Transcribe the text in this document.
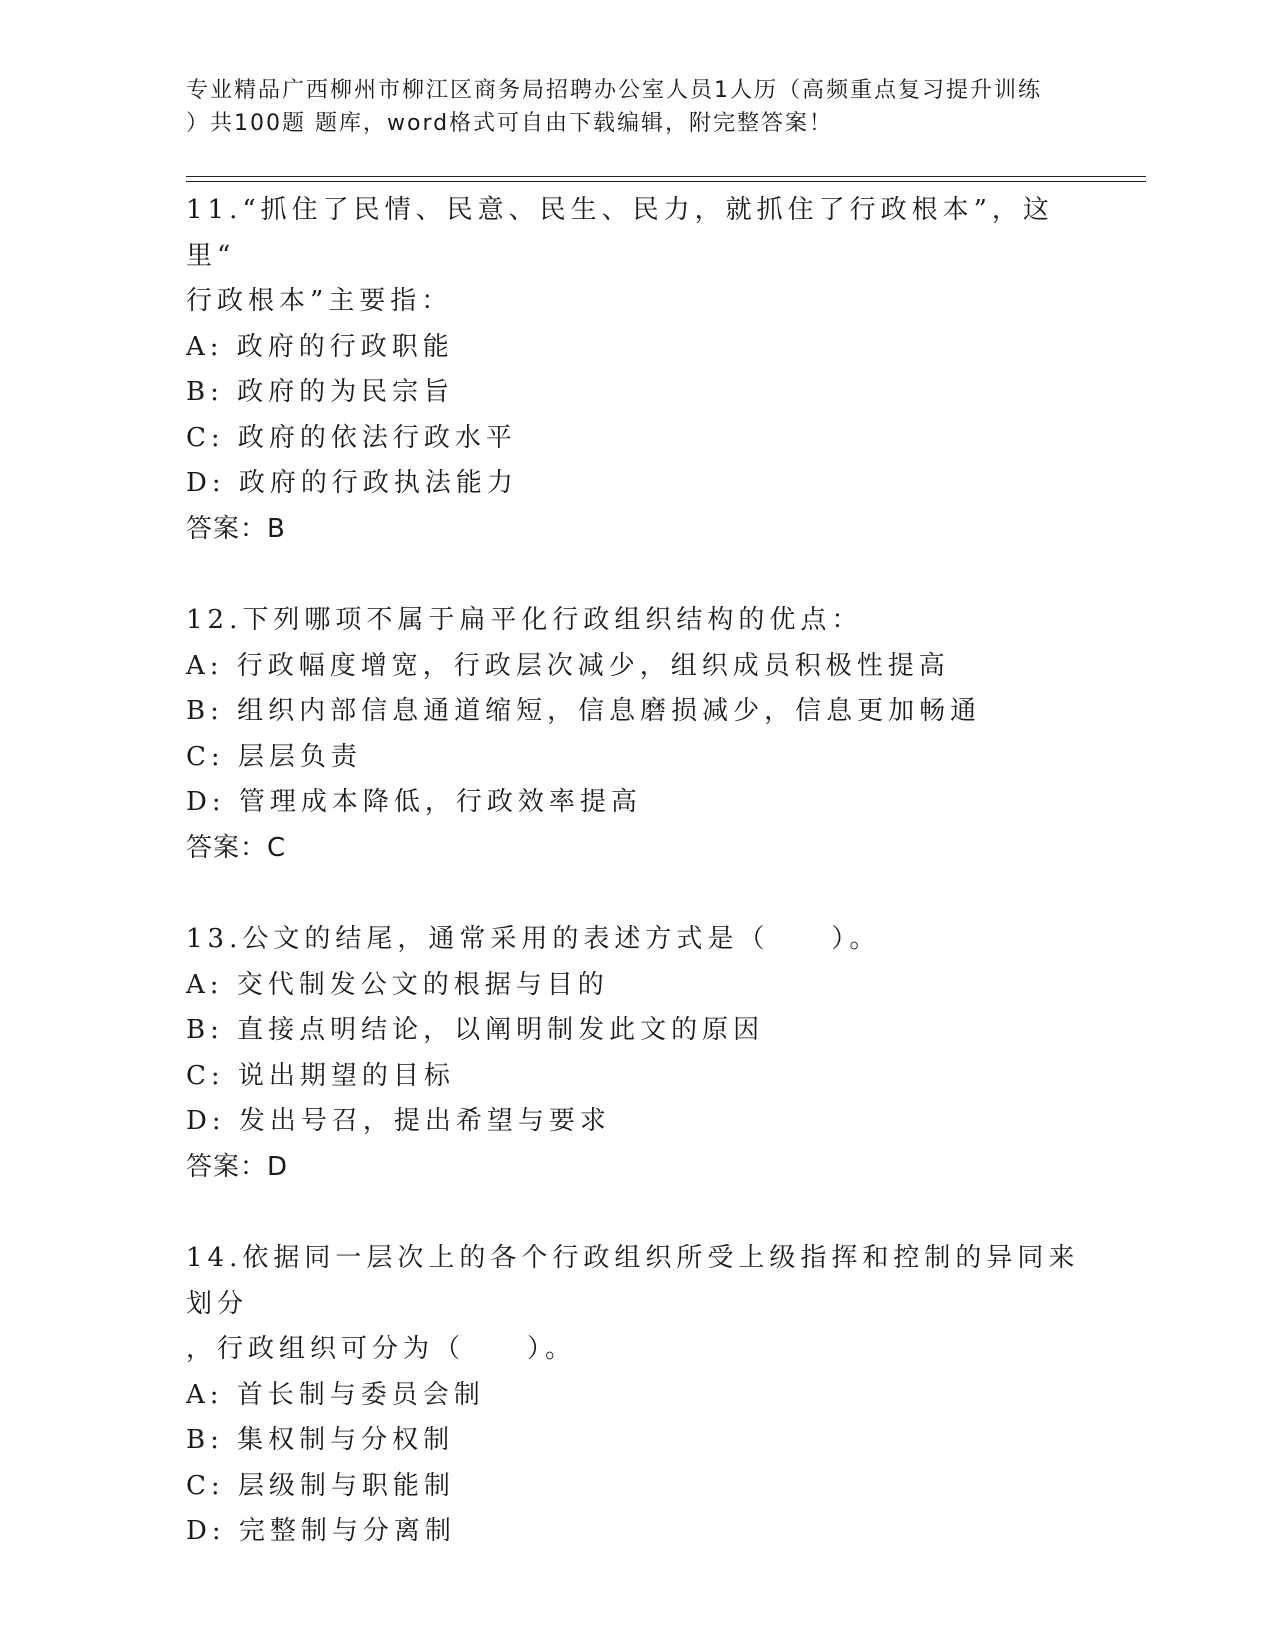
专业精品广西柳州市柳江区商务局招聘办公室人员1人历（高频重点复习提升训练
）共100题 题库，word格式可自由下载编辑，附完整答案！
11.“抓住了民情、民意、民生、民力，就抓住了行政根本”，这里“
行政根本”主要指：
A: 政府的行政职能
B: 政府的为民宗旨
C: 政府的依法行政水平
D: 政府的行政执法能力
答案：B
12.下列哪项不属于扁平化行政组织结构的优点：
A: 行政幅度增宽，行政层次减少，组织成员积极性提高
B: 组织内部信息通道缩短，信息磨损减少，信息更加畅通
C: 层层负责
D: 管理成本降低，行政效率提高
答案：C
13.公文的结尾，通常采用的表述方式是（　　）。
A: 交代制发公文的根据与目的
B: 直接点明结论，以阐明制发此文的原因
C: 说出期望的目标
D: 发出号召，提出希望与要求
答案：D
14.依据同一层次上的各个行政组织所受上级指挥和控制的异同来划分
，行政组织可分为（　　）。
A: 首长制与委员会制
B: 集权制与分权制
C: 层级制与职能制
D: 完整制与分离制
